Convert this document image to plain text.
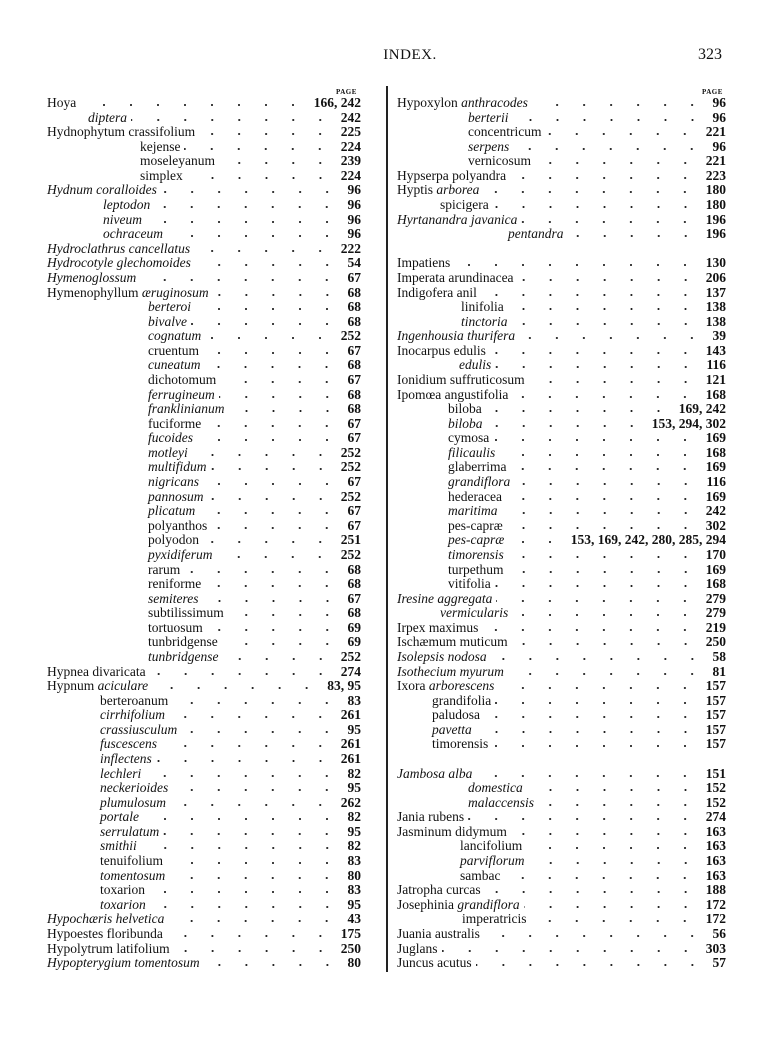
INDEX.	323
PAGE	PAGE
Hoya	166, 242
diptera	242
Hydnophytum crassifolium	225
kejense	224
moseleyanum	239
simplex	224
Hydnum coralloides	96
leptodon	96
niveum	96
ochraceum	96
Hydroclathrus cancellatus	222
Hydrocotyle glechomoides	54
Hymenoglossum	67
Hymenophyllum æruginosum	68
berteroi	68
bivalve	68
cognatum	252
cruentum	67
cuneatum	68
dichotomum	67
ferrugineum	68
franklinianum	68
fuciforme	67
fucoides	67
motleyi	252
multifidum	252
nigricans	67
pannosum	252
plicatum	67
polyanthos	67
polyodon	251
pyxidiferum	252
rarum	68
reniforme	68
semiteres	67
subtilissimum	68
tortuosum	69
tunbridgense	69
tunbridgense	252
Hypnea divaricata	274
Hypnum aciculare	83, 95
berteroanum	83
cirrhifolium	261
crassiusculum	95
fuscescens	261
inflectens	261
lechleri	82
neckerioides	95
plumulosum	262
portale	82
serrulatum	95
smithii	82
tenuifolium	83
tomentosum	80
toxarion	83
toxarion	95
Hypochæris helvetica	43
Hypoestes floribunda	175
Hypolytrum latifolium	250
Hypopterygium tomentosum	80
Hypoxylon anthracodes	96
berterii	96
concentricum	221
serpens	96
vernicosum	221
Hypserpa polyandra	223
Hyptis arborea	180
spicigera	180
Hyrtanandra javanica	196
pentandra	196
Impatiens	130
Imperata arundinacea	206
Indigofera anil	137
linifolia	138
tinctoria	138
Ingenhousia thurifera	39
Inocarpus edulis	143
edulis	116
Ionidium suffruticosum	121
Ipomœa angustifolia	168
biloba	169, 242
biloba	153, 294, 302
cymosa	169
filicaulis	168
glaberrima	169
grandiflora	116
hederacea	169
maritima	242
pes-capræ	302
pes-capræ	153, 169, 242, 280, 285, 294
timorensis	170
turpethum	169
vitifolia	168
Iresine aggregata	279
vermicularis	279
Irpex maximus	219
Ischæmum muticum	250
Isolepsis nodosa	58
Isothecium myurum	81
Ixora arborescens	157
grandifolia	157
paludosa	157
pavetta	157
timorensis	157
Jambosa alba	151
domestica	152
malaccensis	152
Jania rubens	274
Jasminum didymum	163
lancifolium	163
parviflorum	163
sambac	163
Jatropha curcas	188
Josephinia grandiflora	172
imperatricis	172
Juania australis	56
Juglans	303
Juncus acutus	57
